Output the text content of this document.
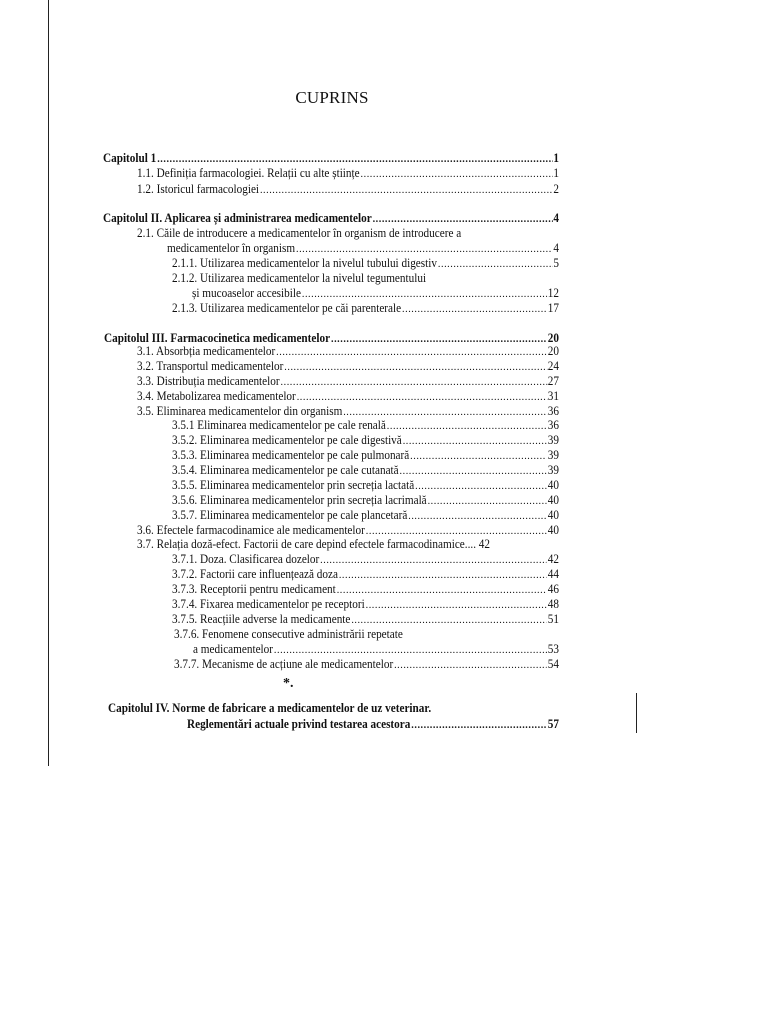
CUPRINS
Capitolul 1 .....	1
1.1. Definiția farmacologiei. Relații cu alte științe .....	1
1.2. Istoricul farmacologiei .....	2
Capitolul II. Aplicarea și administrarea medicamentelor .....	4
2.1. Căile de introducere a medicamentelor în organism de introducere a
medicamentelor în organism .....	4
2.1.1. Utilizarea medicamentelor la nivelul tubului digestiv .....	5
2.1.2. Utilizarea medicamentelor la nivelul tegumentului
și mucoaselor accesibile .....	12
2.1.3. Utilizarea medicamentelor pe căi parenterale .....	17
Capitolul III. Farmacocinetica medicamentelor .....	20
3.1. Absorbția medicamentelor .....	20
3.2. Transportul medicamentelor .....	24
3.3. Distribuția medicamentelor .....	27
3.4. Metabolizarea medicamentelor .....	31
3.5. Eliminarea medicamentelor din organism .....	36
3.5.1 Eliminarea medicamentelor pe cale renală .....	36
3.5.2. Eliminarea medicamentelor pe cale digestivă .....	39
3.5.3. Eliminarea medicamentelor pe cale pulmonară .....	39
3.5.4. Eliminarea medicamentelor pe cale cutanată .....	39
3.5.5. Eliminarea medicamentelor prin secreția lactată .....	40
3.5.6. Eliminarea medicamentelor prin secreția lacrimală .....	40
3.5.7. Eliminarea medicamentelor pe cale plancetară .....	40
3.6. Efectele farmacodinamice ale medicamentelor .....	40
3.7. Relația doză-efect. Factorii de care depind efectele farmacodinamice.... 42
3.7.1. Doza. Clasificarea dozelor .....	42
3.7.2. Factorii care influențează doza .....	44
3.7.3. Receptorii pentru medicament .....	46
3.7.4. Fixarea medicamentelor pe receptori .....	48
3.7.5. Reacțiile adverse la medicamente .....	51
3.7.6. Fenomene consecutive administrării repetate
a medicamentelor .....	53
3.7.7. Mecanisme de acțiune ale medicamentelor .....	54
Capitolul IV. Norme de fabricare a medicamentelor de uz veterinar.
Reglementări actuale privind testarea acestora .....	57
*.
